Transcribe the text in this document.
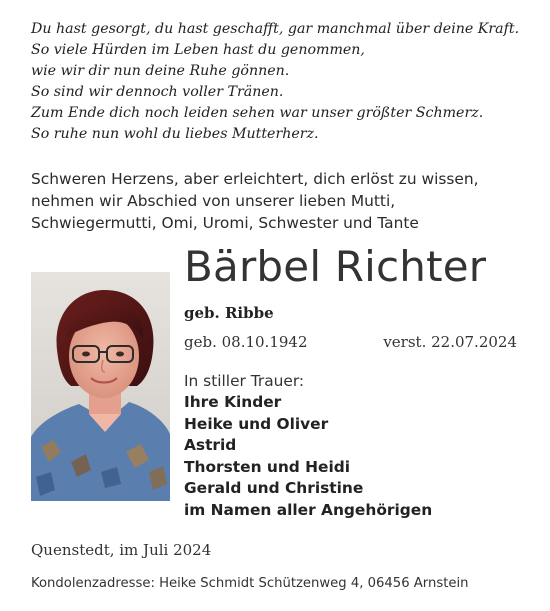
Du hast gesorgt, du hast geschafft, gar manchmal über deine Kraft.
So viele Hürden im Leben hast du genommen,
wie wir dir nun deine Ruhe gönnen.
So sind wir dennoch voller Tränen.
Zum Ende dich noch leiden sehen war unser größter Schmerz.
So ruhe nun wohl du liebes Mutterherz.
Schweren Herzens, aber erleichtert, dich erlöst zu wissen,
nehmen wir Abschied von unserer lieben Mutti,
Schwiegermutti, Omi, Uromi, Schwester und Tante
Bärbel Richter
geb. Ribbe
geb. 08.10.1942	verst. 22.07.2024
In stiller Trauer:
Ihre Kinder
Heike und Oliver
Astrid
Thorsten und Heidi
Gerald und Christine
im Namen aller Angehörigen
Quenstedt, im Juli 2024
Kondolenzadresse: Heike Schmidt Schützenweg 4, 06456 Arnstein
